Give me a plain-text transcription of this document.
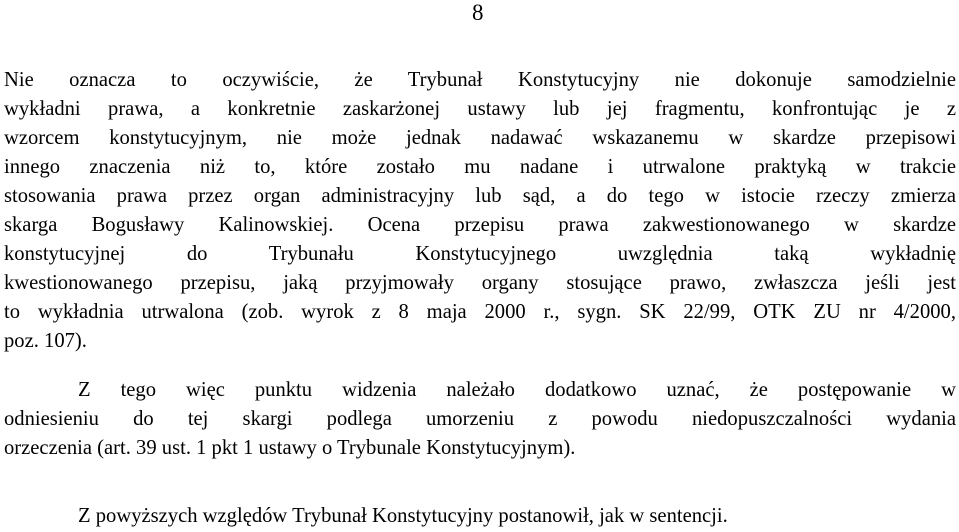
8
Nie oznacza to oczywiście, że Trybunał Konstytucyjny nie dokonuje samodzielnie
wykładni prawa, a konkretnie zaskarżonej ustawy lub jej fragmentu, konfrontując je z
wzorcem konstytucyjnym, nie może jednak nadawać wskazanemu w skardze przepisowi
innego znaczenia niż to, które zostało mu nadane i utrwalone praktyką w trakcie
stosowania prawa przez organ administracyjny lub sąd, a do tego w istocie rzeczy zmierza
skarga Bogusławy Kalinowskiej. Ocena przepisu prawa zakwestionowanego w skardze
konstytucyjnej do Trybunału Konstytucyjnego uwzględnia taką wykładnię
kwestionowanego przepisu, jaką przyjmowały organy stosujące prawo, zwłaszcza jeśli jest
to wykładnia utrwalona (zob. wyrok z 8 maja 2000 r., sygn. SK 22/99, OTK ZU nr 4/2000,
poz. 107).
Z tego więc punktu widzenia należało dodatkowo uznać, że postępowanie w
odniesieniu do tej skargi podlega umorzeniu z powodu niedopuszczalności wydania
orzeczenia (art. 39 ust. 1 pkt 1 ustawy o Trybunale Konstytucyjnym).
Z powyższych względów Trybunał Konstytucyjny postanowił, jak w sentencji.
